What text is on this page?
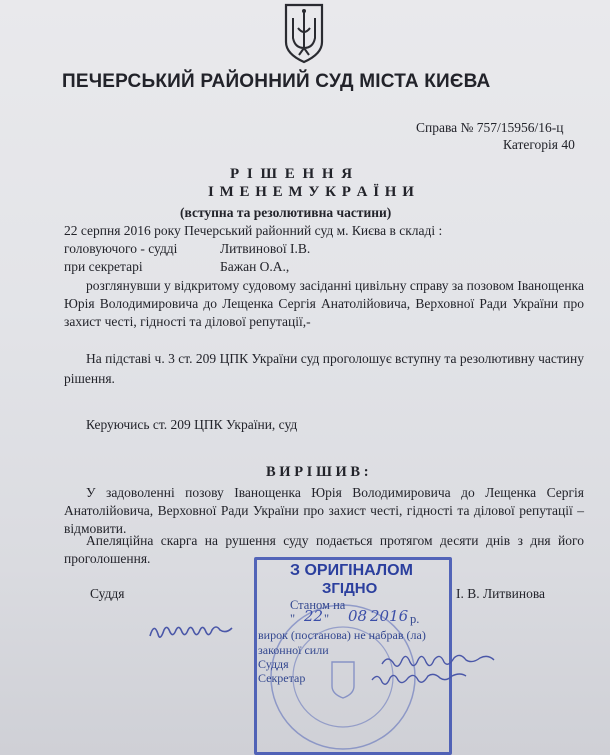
ПЕЧЕРСЬКИЙ РАЙОННИЙ СУД МІСТА КИЄВА
Справа № 757/15956/16-ц
Категорія 40
Р І Ш Е Н Н Я
І М Е Н Е М У К Р А Ї Н И
(вступна та резолютивна частини)
22 серпня 2016 року Печерський районний суд м. Києва в складі :
головуючого - судді	Литвинової І.В.
при секретарі	Бажан О.А.,
розглянувши у відкритому судовому засіданні цивільну справу за позовом Іванощенка Юрія Володимировича до Лещенка Сергія Анатолійовича, Верховної Ради України про захист честі, гідності та ділової репутації,-
На підставі ч. 3 ст. 209 ЦПК України суд проголошує вступну та резолютивну частину рішення.
Керуючись ст. 209 ЦПК України, суд
В И Р І Ш И В :
У задоволенні позову Іванощенка Юрія Володимировича до Лещенка Сергія Анатолійовича, Верховної Ради України про захист честі, гідності та ділової репутації – відмовити.
Апеляційна скарга на рушення суду подається протягом десяти днів з дня його проголошення.
Суддя	І. В. Литвинова
З ОРИГІНАЛОМ
ЗГІДНО
Станом на
" 22 " 08 2016 р.
вирок (постанова) не набрав (ла)
законної сили
Суддя
Секретар
